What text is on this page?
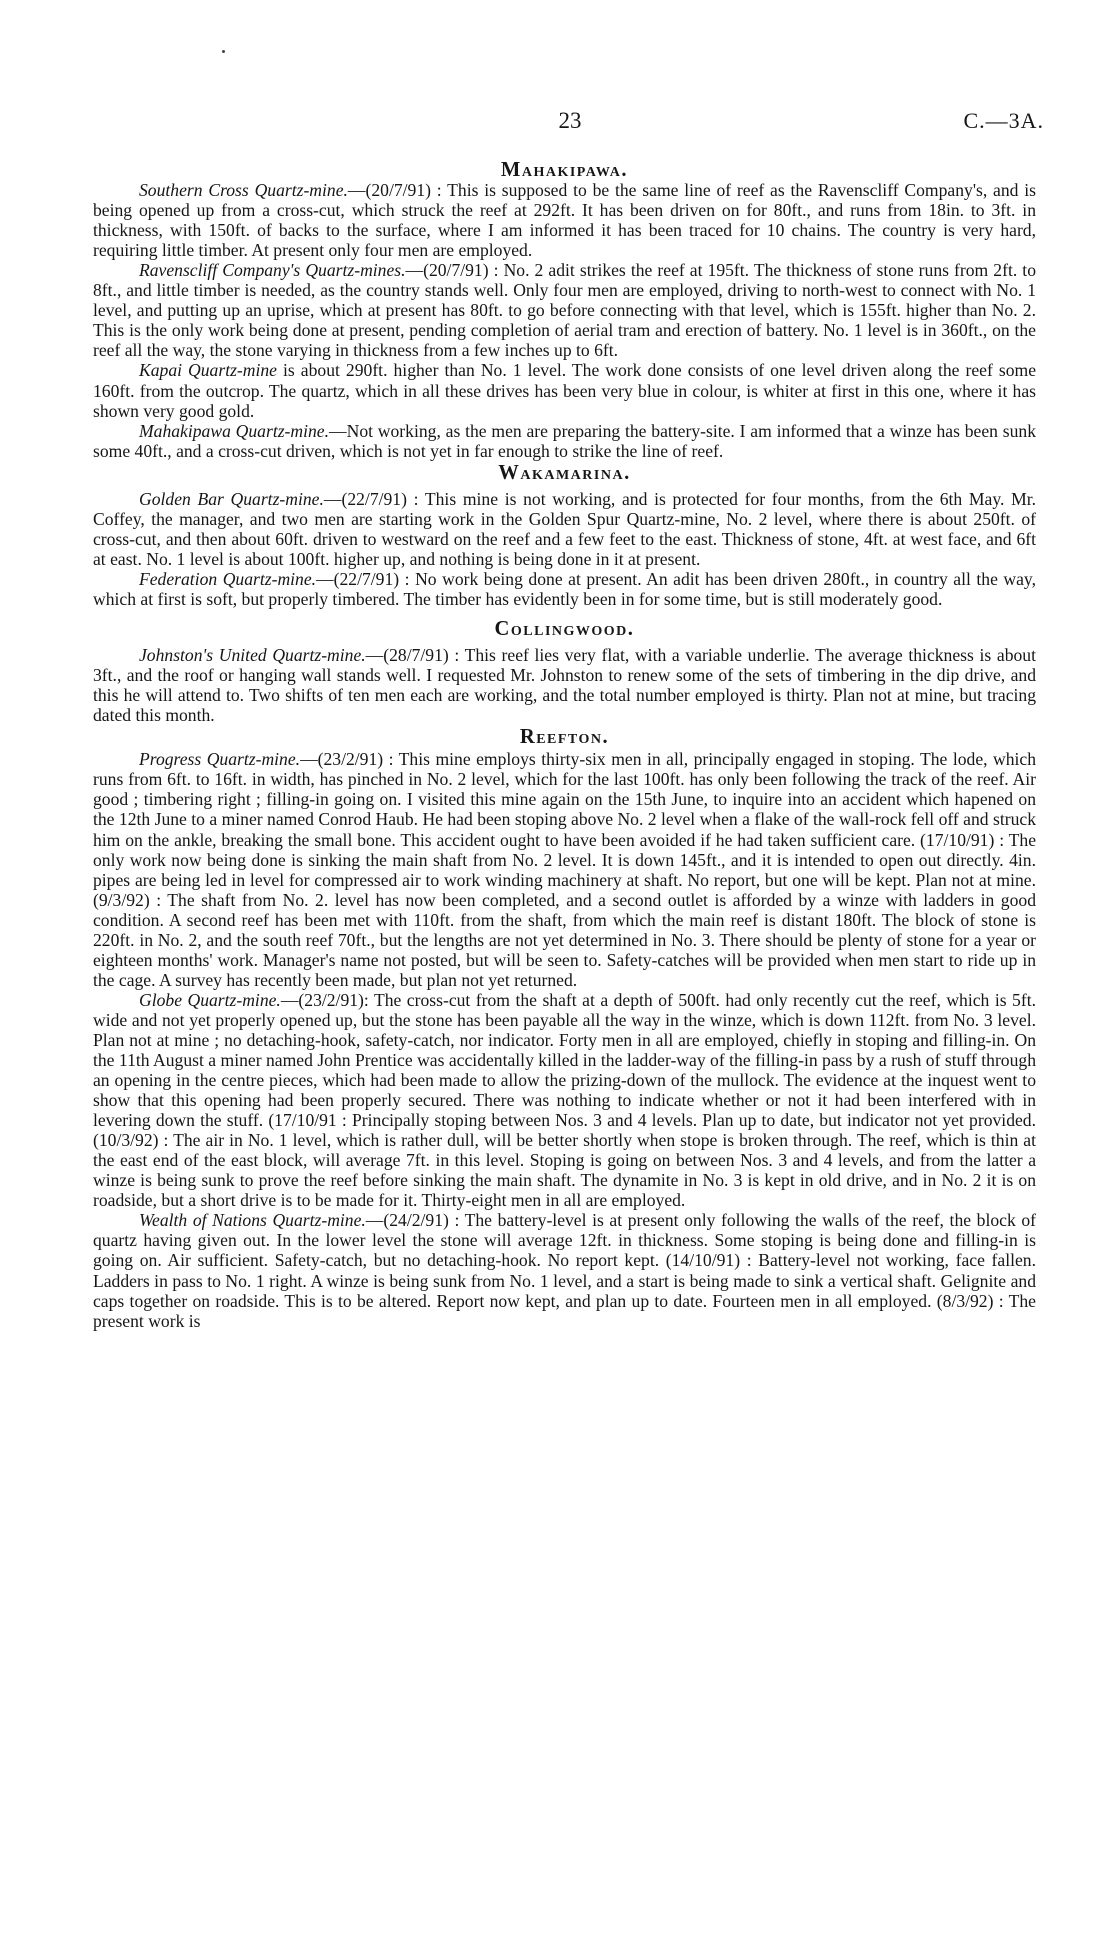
23	C.—3A.
Mahakipawa.

Southern Cross Quartz-mine.—(20/7/91) : This is supposed to be the same line of reef as the Ravenscliff Company's, and is being opened up from a cross-cut, which struck the reef at 292ft. It has been driven on for 80ft., and runs from 18in. to 3ft. in thickness, with 150ft. of backs to the surface, where I am informed it has been traced for 10 chains. The country is very hard, requiring little timber. At present only four men are employed.

Ravenscliff Company's Quartz-mines.—(20/7/91) : No. 2 adit strikes the reef at 195ft. The thickness of stone runs from 2ft. to 8ft., and little timber is needed, as the country stands well. Only four men are employed, driving to north-west to connect with No. 1 level, and putting up an uprise, which at present has 80ft. to go before connecting with that level, which is 155ft. higher than No. 2. This is the only work being done at present, pending completion of aerial tram and erection of battery. No. 1 level is in 360ft., on the reef all the way, the stone varying in thickness from a few inches up to 6ft.

Kapai Quartz-mine is about 290ft. higher than No. 1 level. The work done consists of one level driven along the reef some 160ft. from the outcrop. The quartz, which in all these drives has been very blue in colour, is whiter at first in this one, where it has shown very good gold.

Mahakipawa Quartz-mine.—Not working, as the men are preparing the battery-site. I am informed that a winze has been sunk some 40ft., and a cross-cut driven, which is not yet in far enough to strike the line of reef.

Wakamarina.

Golden Bar Quartz-mine.—(22/7/91) : This mine is not working, and is protected for four months, from the 6th May. Mr. Coffey, the manager, and two men are starting work in the Golden Spur Quartz-mine, No. 2 level, where there is about 250ft. of cross-cut, and then about 60ft. driven to westward on the reef and a few feet to the east. Thickness of stone, 4ft. at west face, and 6ft at east. No. 1 level is about 100ft. higher up, and nothing is being done in it at present.

Federation Quartz-mine.—(22/7/91) : No work being done at present. An adit has been driven 280ft., in country all the way, which at first is soft, but properly timbered. The timber has evidently been in for some time, but is still moderately good.

Collingwood.

Johnston's United Quartz-mine.—(28/7/91) : This reef lies very flat, with a variable underlie. The average thickness is about 3ft., and the roof or hanging wall stands well. I requested Mr. Johnston to renew some of the sets of timbering in the dip drive, and this he will attend to. Two shifts of ten men each are working, and the total number employed is thirty. Plan not at mine, but tracing dated this month.

Reefton.

Progress Quartz-mine.—(23/2/91) : This mine employs thirty-six men in all, principally engaged in stoping. The lode, which runs from 6ft. to 16ft. in width, has pinched in No. 2 level, which for the last 100ft. has only been following the track of the reef. Air good ; timbering right ; filling-in going on. I visited this mine again on the 15th June, to inquire into an accident which hapened on the 12th June to a miner named Conrod Haub. He had been stoping above No. 2 level when a flake of the wall-rock fell off and struck him on the ankle, breaking the small bone. This accident ought to have been avoided if he had taken sufficient care. (17/10/91) : The only work now being done is sinking the main shaft from No. 2 level. It is down 145ft., and it is intended to open out directly. 4in. pipes are being led in level for compressed air to work winding machinery at shaft. No report, but one will be kept. Plan not at mine. (9/3/92) : The shaft from No. 2. level has now been completed, and a second outlet is afforded by a winze with ladders in good condition. A second reef has been met with 110ft. from the shaft, from which the main reef is distant 180ft. The block of stone is 220ft. in No. 2, and the south reef 70ft., but the lengths are not yet determined in No. 3. There should be plenty of stone for a year or eighteen months' work. Manager's name not posted, but will be seen to. Safety-catches will be provided when men start to ride up in the cage. A survey has recently been made, but plan not yet returned.

Globe Quartz-mine.—(23/2/91): The cross-cut from the shaft at a depth of 500ft. had only recently cut the reef, which is 5ft. wide and not yet properly opened up, but the stone has been payable all the way in the winze, which is down 112ft. from No. 3 level. Plan not at mine ; no detaching-hook, safety-catch, nor indicator. Forty men in all are employed, chiefly in stoping and filling-in. On the 11th August a miner named John Prentice was accidentally killed in the ladder-way of the filling-in pass by a rush of stuff through an opening in the centre pieces, which had been made to allow the prizing-down of the mullock. The evidence at the inquest went to show that this opening had been properly secured. There was nothing to indicate whether or not it had been interfered with in levering down the stuff. (17/10/91 : Principally stoping between Nos. 3 and 4 levels. Plan up to date, but indicator not yet provided. (10/3/92) : The air in No. 1 level, which is rather dull, will be better shortly when stope is broken through. The reef, which is thin at the east end of the east block, will average 7ft. in this level. Stoping is going on between Nos. 3 and 4 levels, and from the latter a winze is being sunk to prove the reef before sinking the main shaft. The dynamite in No. 3 is kept in old drive, and in No. 2 it is on roadside, but a short drive is to be made for it. Thirty-eight men in all are employed.

Wealth of Nations Quartz-mine.—(24/2/91) : The battery-level is at present only following the walls of the reef, the block of quartz having given out. In the lower level the stone will average 12ft. in thickness. Some stoping is being done and filling-in is going on. Air sufficient. Safety-catch, but no detaching-hook. No report kept. (14/10/91) : Battery-level not working, face fallen. Ladders in pass to No. 1 right. A winze is being sunk from No. 1 level, and a start is being made to sink a vertical shaft. Gelignite and caps together on roadside. This is to be altered. Report now kept, and plan up to date. Fourteen men in all employed. (8/3/92) : The present work is
